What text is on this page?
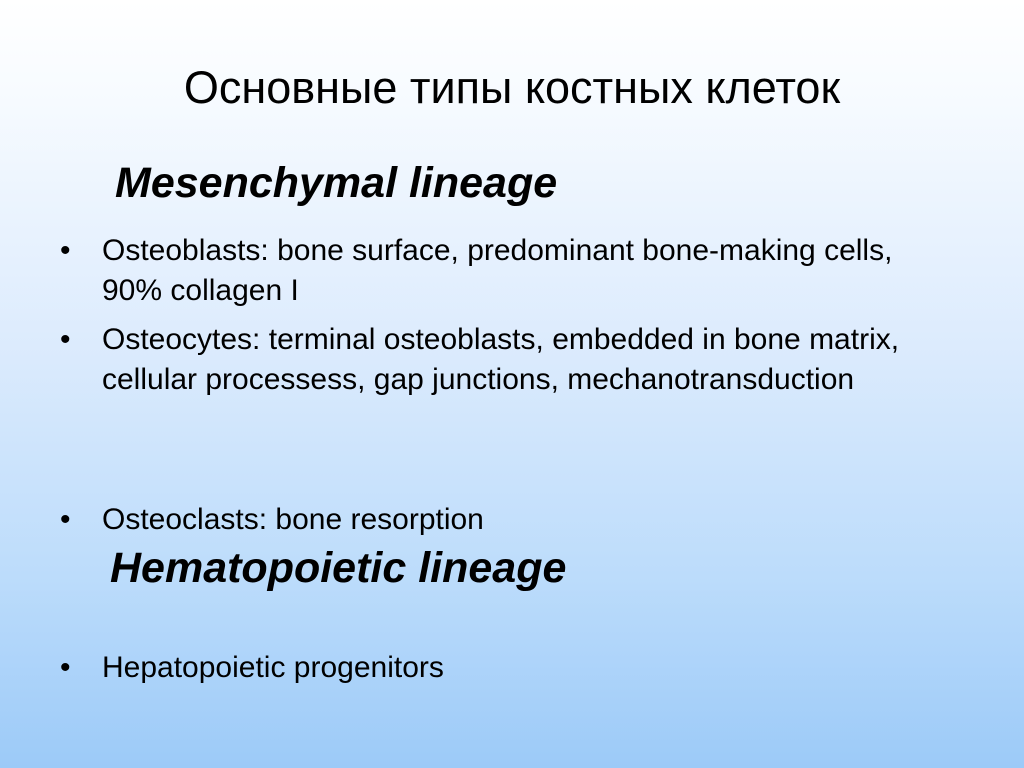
Основные типы костных клеток
Mesenchymal lineage
•	Osteoblasts: bone surface, predominant bone-making cells, 90% collagen I
•	Osteocytes: terminal osteoblasts, embedded in bone matrix, cellular processess, gap junctions, mechanotransduction
•	Osteoclasts: bone resorption
Hematopoietic lineage
•	Hepatopoietic progenitors
